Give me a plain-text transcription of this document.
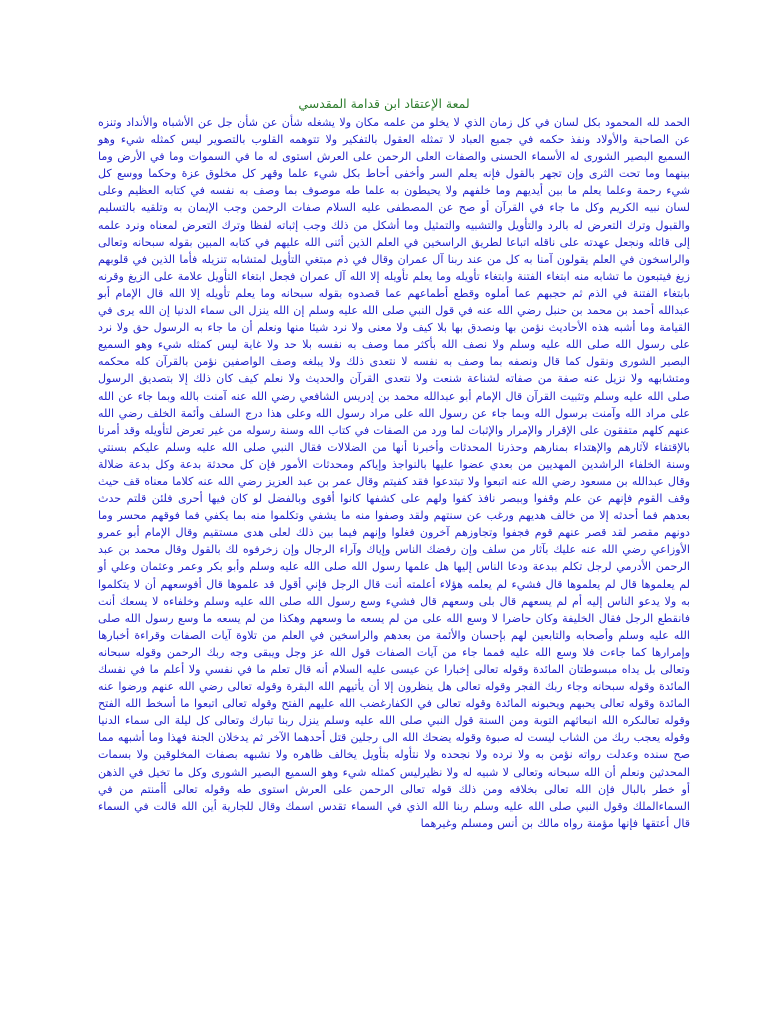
لمعة الإعتقاد ابن قدامة المقدسي
الحمد لله المحمود بكل لسان في كل زمان الذي لا يخلو من علمه مكان ولا يشغله شأن عن شأن جل عن الأشباه والأنداد وتنزه عن الصاحبة والأولاد ونفذ حكمه في جميع العباد لا تمثله العقول بالتفكير ولا تتوهمه القلوب بالتصوير ليس كمثله شيء وهو السميع البصير الشورى له الأسماء الحسنى والصفات العلى الرحمن على العرش استوى له ما في السموات وما في الأرض وما بينهما وما تحت الثرى وإن تجهر بالقول فإنه يعلم السر وأخفى أحاط بكل شيء علما وقهر كل مخلوق عزة وحكما ووسع كل شيء رحمة وعلما يعلم ما بين أيديهم وما خلفهم ولا يحيطون به علما طه موصوف بما وصف به نفسه في كتابه العظيم وعلى لسان نبيه الكريم وكل ما جاء في القرآن أو صح عن المصطفى عليه السلام صفات الرحمن وجب الإيمان به وتلقيه بالتسليم والقبول وترك التعرض له بالرد والتأويل والتشبيه والتمثيل وما أشكل من ذلك وجب إثباته لفظا وترك التعرض لمعناه ونرد علمه إلى قائله ونجعل عهدته على ناقله اتباعا لطريق الراسخين في العلم الذين أثنى الله عليهم في كتابه المبين بقوله سبحانه وتعالى والراسخون في العلم يقولون آمنا به كل من عند ربنا آل عمران وقال في ذم مبتغي التأويل لمتشابه تنزيله فأما الذين في قلوبهم زيغ فيتبعون ما تشابه منه ابتغاء الفتنة وابتغاء تأويله وما يعلم تأويله إلا الله آل عمران فجعل ابتغاء التأويل علامة على الزيغ وقرنه بابتغاء الفتنة في الذم ثم حجبهم عما أملوه وقطع أطماعهم عما قصدوه بقوله سبحانه وما يعلم تأويله إلا الله قال الإمام أبو عبدالله أحمد بن محمد بن حنبل رضي الله عنه في قول النبي صلى الله عليه وسلم إن الله ينزل الى سماء الدنيا إن الله يرى في القيامة وما أشبه هذه الأحاديث نؤمن بها ونصدق بها بلا كيف ولا معنى ولا نرد شيئا منها ونعلم أن ما جاء به الرسول حق ولا نرد على رسول الله صلى الله عليه وسلم ولا نصف الله بأكثر مما وصف به نفسه بلا حد ولا غاية ليس كمثله شيء وهو السميع البصير الشورى ونقول كما قال ونصفه بما وصف به نفسه لا نتعدى ذلك ولا يبلغه وصف الواصفين نؤمن بالقرآن كله محكمه ومتشابهه ولا نزيل عنه صفة من صفاته لشناعة شنعت ولا نتعدى القرآن والحديث ولا نعلم كيف كان ذلك إلا بتصديق الرسول صلى الله عليه وسلم وتثبيت القرآن قال الإمام أبو عبدالله محمد بن إدريس الشافعي رضي الله عنه آمنت بالله وبما جاء عن الله على مراد الله وآمنت برسول الله وبما جاء عن رسول الله على مراد رسول الله وعلى هذا درج السلف وأئمة الخلف رضي الله عنهم كلهم متفقون على الإقرار والإمرار والإثبات لما ورد من الصفات في كتاب الله وسنة رسوله من غير تعرض لتأويله وقد أمرنا بالإقتفاء لآثارهم والإهتداء بمنارهم وحذرنا المحدثات وأخبرنا أنها من الضلالات فقال النبي صلى الله عليه وسلم عليكم بسنتي وسنة الخلفاء الراشدين المهديين من بعدي عضوا عليها بالنواجذ وإياكم ومحدثات الأمور فإن كل محدثة بدعة وكل بدعة ضلالة وقال عبدالله بن مسعود رضي الله عنه اتبعوا ولا تبتدعوا فقد كفيتم وقال عمر بن عبد العزيز رضي الله عنه كلاما معناه قف حيث وقف القوم فإنهم عن علم وقفوا وببصر نافذ كفوا ولهم على كشفها كانوا أقوى وبالفضل لو كان فيها أحرى فلئن قلتم حدث بعدهم فما أحدثه إلا من خالف هديهم ورغب عن سنتهم ولقد وصفوا منه ما يشفي وتكلموا منه بما يكفي فما فوقهم محسر وما دونهم مقصر لقد قصر عنهم قوم فجفوا وتجاوزهم آخرون فغلوا وإنهم فيما بين ذلك لعلى هدى مستقيم وقال الإمام أبو عمرو الأوزاعي رضي الله عنه عليك بآثار من سلف وإن رفضك الناس وإياك وآراء الرجال وإن زخرفوه لك بالقول وقال محمد بن عبد الرحمن الأدرمي لرجل تكلم ببدعة ودعا الناس إليها هل علمها رسول الله صلى الله عليه وسلم وأبو بكر وعمر وعثمان وعلي أو لم يعلموها قال لم يعلموها قال فشيء لم يعلمه هؤلاء أعلمته أنت قال الرجل فإني أقول قد علموها قال أفوسعهم أن لا يتكلموا به ولا يدعو الناس إليه أم لم يسعهم قال بلى وسعهم قال فشيء وسع رسول الله صلى الله عليه وسلم وخلفاءه لا يسعك أنت فانقطع الرجل فقال الخليفة وكان حاضرا لا وسع الله على من لم يسعه ما وسعهم وهكذا من لم يسعه ما وسع رسول الله صلى الله عليه وسلم وأصحابه والتابعين لهم بإحسان والأئمة من بعدهم والراسخين في العلم من تلاوة آيات الصفات وقراءة أخبارها وإمرارها كما جاءت فلا وسع الله عليه فمما جاء من آيات الصفات قول الله عز وجل ويبقى وجه ربك الرحمن وقوله سبحانه وتعالى بل يداه مبسوطتان المائدة وقوله تعالى إخبارا عن عيسى عليه السلام أنه قال تعلم ما في نفسي ولا أعلم ما في نفسك المائدة وقوله سبحانه وجاء ربك الفجر وقوله تعالى هل ينظرون إلا أن يأتيهم الله البقرة وقوله تعالى رضي الله عنهم ورضوا عنه المائدة وقوله تعالى يحبهم ويحبونه المائدة وقوله تعالى في الكفارغضب الله عليهم الفتح وقوله تعالى اتبعوا ما أسخط الله الفتح وقوله تعالىكره الله انبعاثهم التوبة ومن السنة قول النبي صلى الله عليه وسلم ينزل ربنا تبارك وتعالى كل ليلة الى سماء الدنيا وقوله يعجب ربك من الشاب ليست له صبوة وقوله يضحك الله الى رجلين قتل أحدهما الآخر ثم يدخلان الجنة فهذا وما أشبهه مما صح سنده وعدلت رواته نؤمن به ولا نرده ولا نجحده ولا نتأوله بتأويل يخالف ظاهره ولا نشبهه بصفات المخلوقين ولا بسمات المحدثين ونعلم أن الله سبحانه وتعالى لا شبيه له ولا نظيرليس كمثله شيء وهو السميع البصير الشورى وكل ما تخيل في الذهن أو خطر بالبال فإن الله تعالى بخلافه ومن ذلك قوله تعالى الرحمن على العرش استوى طه وقوله تعالى أأمنتم من في السماءالملك وقول النبي صلى الله عليه وسلم ربنا الله الذي في السماء تقدس اسمك وقال للجارية أين الله قالت في السماء قال أعتقها فإنها مؤمنة رواه مالك بن أنس ومسلم وغيرهما
